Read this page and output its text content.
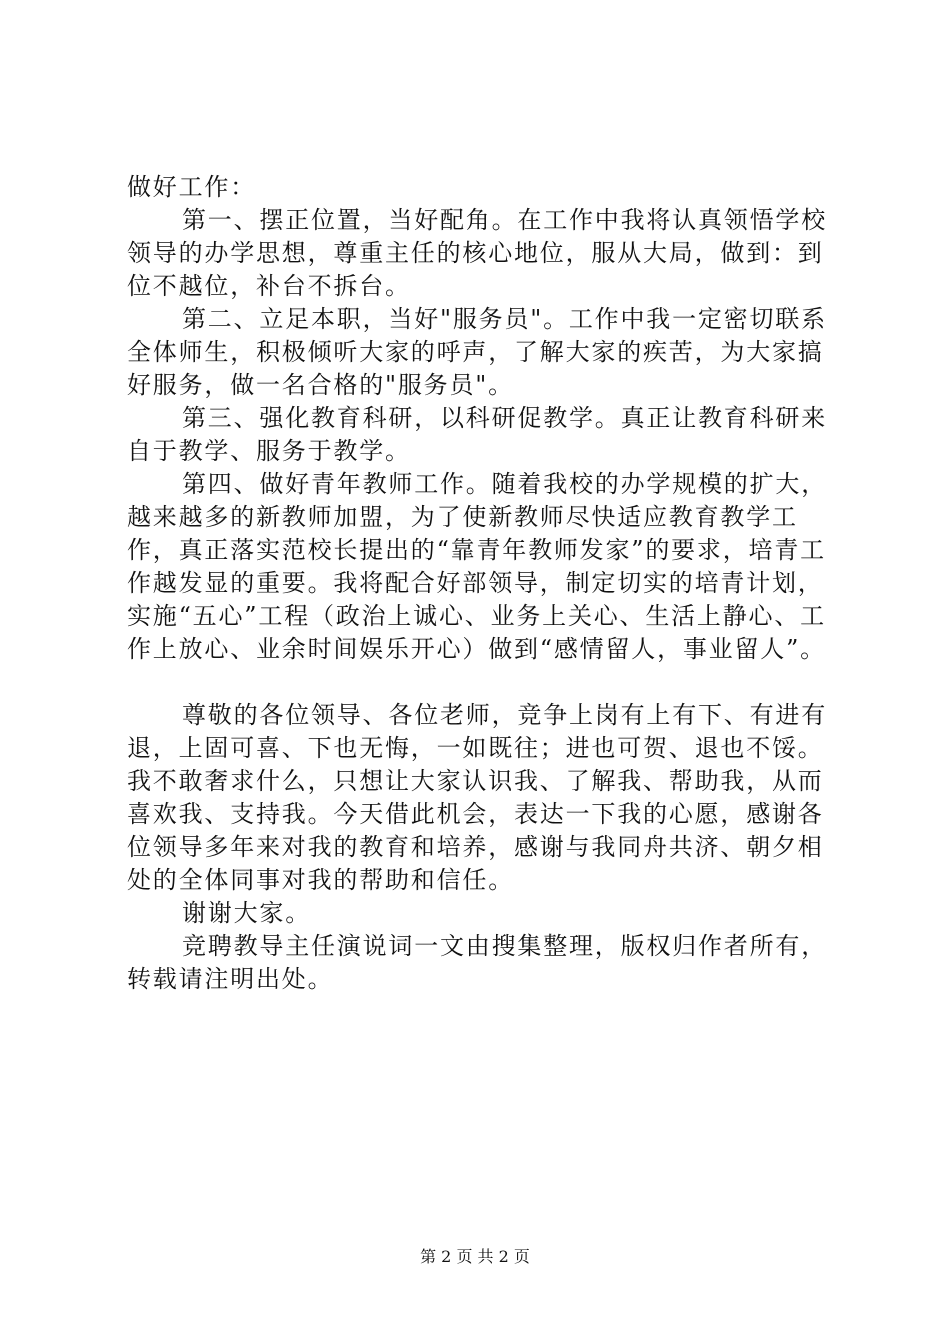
做好工作：

第一、摆正位置，当好配角。在工作中我将认真领悟学校领导的办学思想，尊重主任的核心地位，服从大局，做到：到位不越位，补台不拆台。

第二、立足本职，当好"服务员"。工作中我一定密切联系全体师生，积极倾听大家的呼声，了解大家的疾苦，为大家搞好服务，做一名合格的"服务员"。

第三、强化教育科研，以科研促教学。真正让教育科研来自于教学、服务于教学。

第四、做好青年教师工作。随着我校的办学规模的扩大，越来越多的新教师加盟，为了使新教师尽快适应教育教学工作，真正落实范校长提出的“靠青年教师发家”的要求，培青工作越发显的重要。我将配合好部领导，制定切实的培青计划，实施“五心”工程（政治上诚心、业务上关心、生活上静心、工作上放心、业余时间娱乐开心）做到“感情留人，事业留人”。

尊敬的各位领导、各位老师，竞争上岗有上有下、有进有退，上固可喜、下也无悔，一如既往；进也可贺、退也不馁。我不敢奢求什么，只想让大家认识我、了解我、帮助我，从而喜欢我、支持我。今天借此机会，表达一下我的心愿，感谢各位领导多年来对我的教育和培养，感谢与我同舟共济、朝夕相处的全体同事对我的帮助和信任。

谢谢大家。

竞聘教导主任演说词一文由搜集整理，版权归作者所有，转载请注明出处。

第 2 页 共 2 页
